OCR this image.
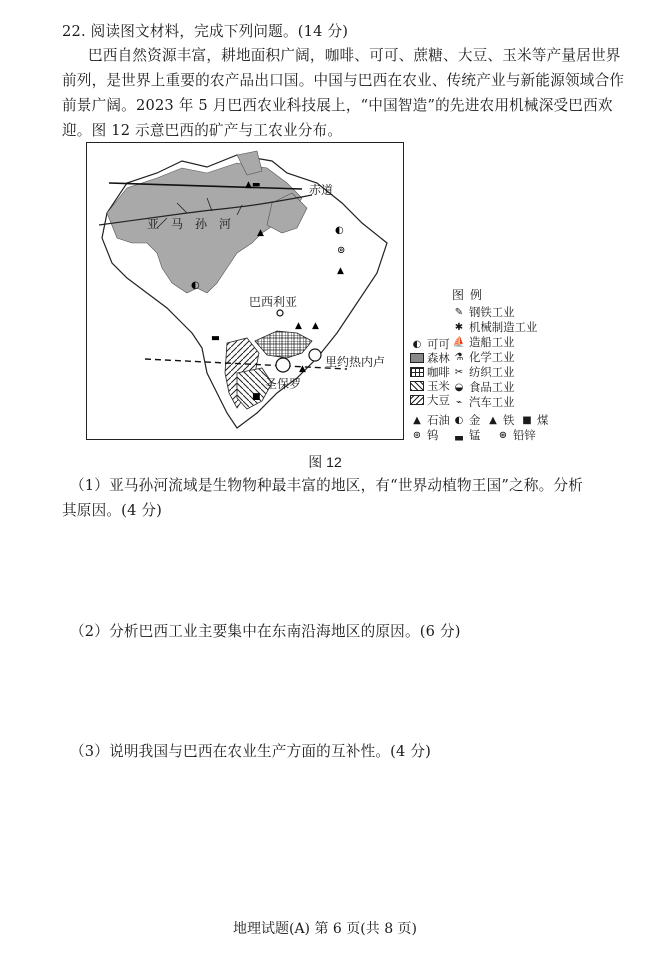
22. 阅读图文材料，完成下列问题。(14 分)
巴西自然资源丰富，耕地面积广阔，咖啡、可可、蔗糖、大豆、玉米等产量居世界
前列，是世界上重要的农产品出口国。中国与巴西在农业、传统产业与新能源领域合作
前景广阔。2023 年 5 月巴西农业科技展上，“中国智造”的先进农用机械深受巴西欢
迎。图 12 示意巴西的矿产与工农业分布。
▲▬
▲	◐
⊚
▲
◐
▲ ▲
▃
■
▲
赤道
亚　马　孙　河
巴西利亚
里约热内卢
圣保罗
图例
✎ 钢铁工业
✱ 机械制造工业
⛵ 造船工业
⚗ 化学工业
✂ 纺织工业
◒ 食品工业
⌁ 汽车工业
◐ 可可
森林
咖啡
玉米
大豆
▲ 石油 ◐ 金 ▲ 铁 ■ 煤
⊚ 钨	▃ 锰 ⊛ 铅锌
图 12
（1）亚马孙河流域是生物物种最丰富的地区，有“世界动植物王国”之称。分析
其原因。(4 分)
（2）分析巴西工业主要集中在东南沿海地区的原因。(6 分)
（3）说明我国与巴西在农业生产方面的互补性。(4 分)
地理试题(A) 第 6 页(共 8 页)
